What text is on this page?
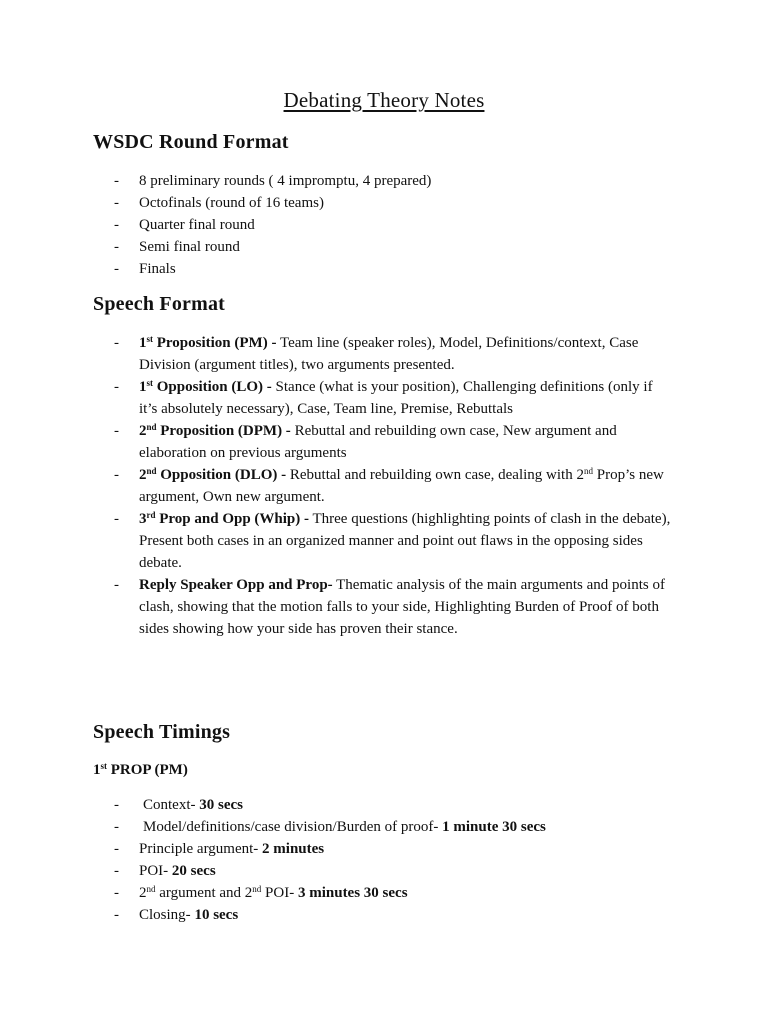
Debating Theory Notes
WSDC Round Format
- 8 preliminary rounds ( 4 impromptu, 4 prepared)
- Octofinals (round of 16 teams)
- Quarter final round
- Semi final round
- Finals
Speech Format
- 1st Proposition (PM) - Team line (speaker roles), Model, Definitions/context, Case Division (argument titles), two arguments presented.
- 1st Opposition (LO) - Stance (what is your position), Challenging definitions (only if it’s absolutely necessary), Case, Team line, Premise, Rebuttals
- 2nd Proposition (DPM) - Rebuttal and rebuilding own case, New argument and elaboration on previous arguments
- 2nd Opposition (DLO) - Rebuttal and rebuilding own case, dealing with 2nd Prop’s new argument, Own new argument.
- 3rd Prop and Opp (Whip) - Three questions (highlighting points of clash in the debate), Present both cases in an organized manner and point out flaws in the opposing sides debate.
- Reply Speaker Opp and Prop- Thematic analysis of the main arguments and points of clash, showing that the motion falls to your side, Highlighting Burden of Proof of both sides showing how your side has proven their stance.
Speech Timings
1st PROP (PM)
- Context- 30 secs
- Model/definitions/case division/Burden of proof- 1 minute 30 secs
- Principle argument- 2 minutes
- POI- 20 secs
- 2nd argument and 2nd POI- 3 minutes 30 secs
- Closing- 10 secs
